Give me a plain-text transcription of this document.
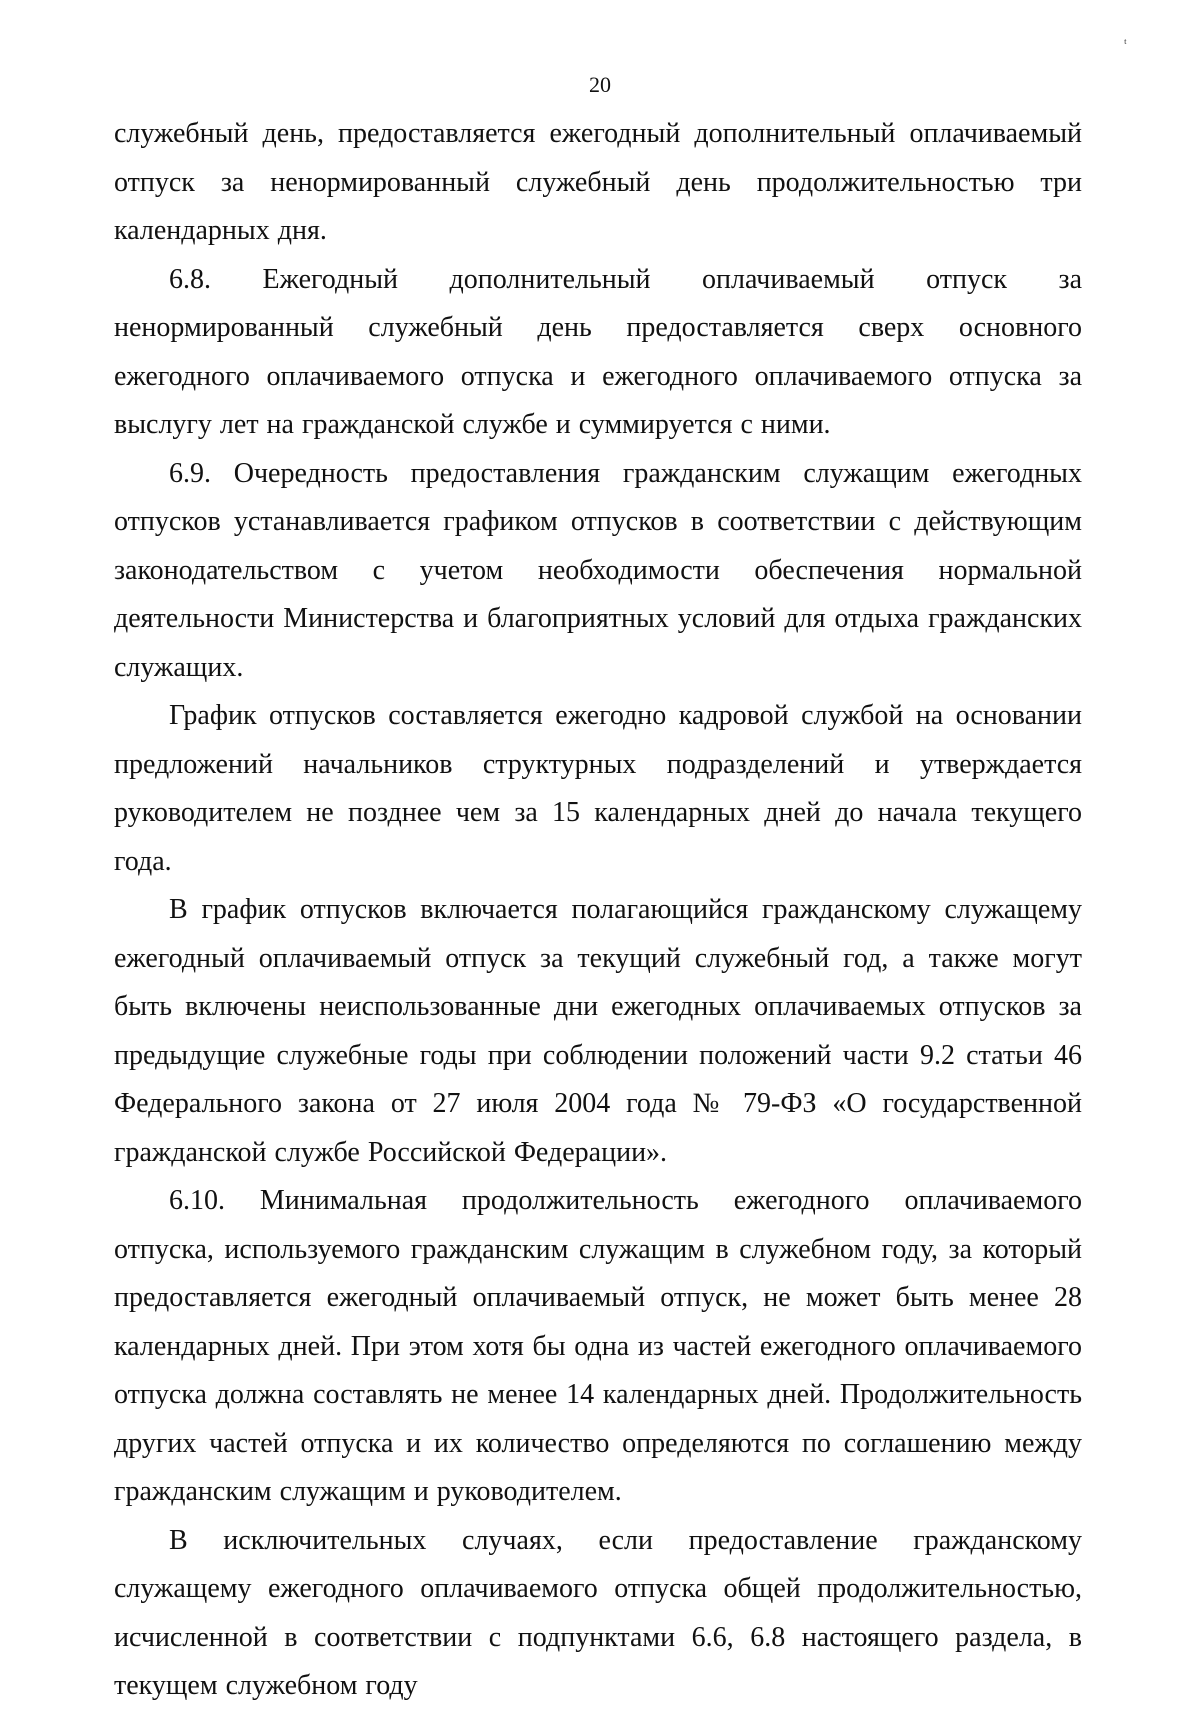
ᵗ
20

служебный день, предоставляется ежегодный дополнительный оплачиваемый отпуск за ненормированный служебный день продолжительностью три календарных дня.

6.8. Ежегодный дополнительный оплачиваемый отпуск за ненормированный служебный день предоставляется сверх основного ежегодного оплачиваемого отпуска и ежегодного оплачиваемого отпуска за выслугу лет на гражданской службе и суммируется с ними.

6.9. Очередность предоставления гражданским служащим ежегодных отпусков устанавливается графиком отпусков в соответствии с действующим законодательством с учетом необходимости обеспечения нормальной деятельности Министерства и благоприятных условий для отдыха гражданских служащих.

График отпусков составляется ежегодно кадровой службой на основании предложений начальников структурных подразделений и утверждается руководителем не позднее чем за 15 календарных дней до начала текущего года.

В график отпусков включается полагающийся гражданскому служащему ежегодный оплачиваемый отпуск за текущий служебный год, а также могут быть включены неиспользованные дни ежегодных оплачиваемых отпусков за предыдущие служебные годы при соблюдении положений части 9.2 статьи 46 Федерального закона от 27 июля 2004 года № 79-ФЗ «О государственной гражданской службе Российской Федерации».

6.10. Минимальная продолжительность ежегодного оплачиваемого отпуска, используемого гражданским служащим в служебном году, за который предоставляется ежегодный оплачиваемый отпуск, не может быть менее 28 календарных дней. При этом хотя бы одна из частей ежегодного оплачиваемого отпуска должна составлять не менее 14 календарных дней. Продолжительность других частей отпуска и их количество определяются по соглашению между гражданским служащим и руководителем.

В исключительных случаях, если предоставление гражданскому служащему ежегодного оплачиваемого отпуска общей продолжительностью, исчисленной в соответствии с подпунктами 6.6, 6.8 настоящего раздела, в текущем служебном году
